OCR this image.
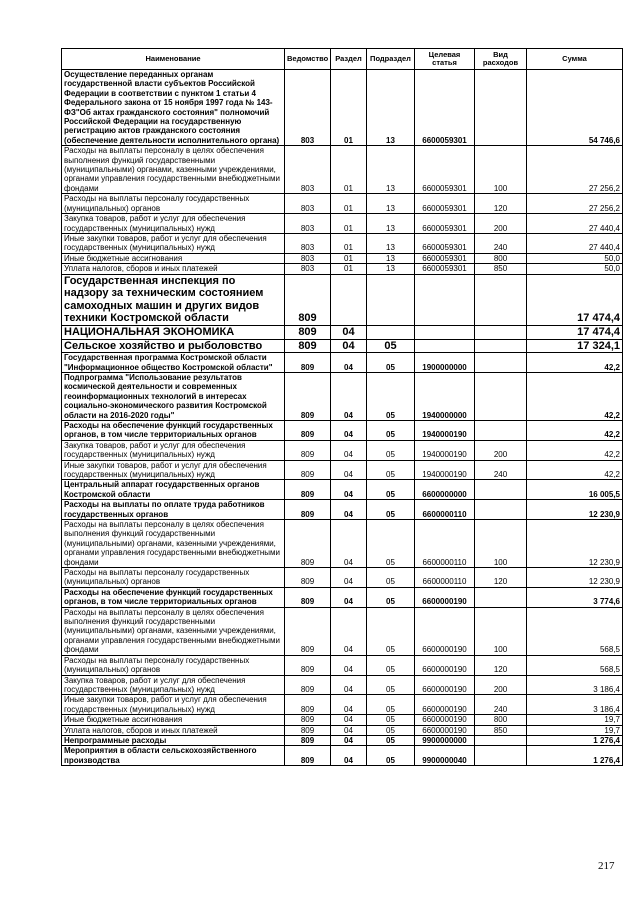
Наименование	Ведомство	Раздел	Подраздел	Целевая статья	Вид расходов	Сумма
Осуществление переданных органам государственной власти субъектов Российской Федерации в соответствии с пунктом 1 статьи 4 Федерального закона от 15 ноября 1997 года № 143-ФЗ"Об актах гражданского состояния" полномочий Российской Федерации на государственную регистрацию актов гражданского состояния (обеспечение деятельности исполнительного органа)	803	01	13	6600059301		54 746,6
Расходы на выплаты персоналу в целях обеспечения выполнения функций государственными (муниципальными) органами, казенными учреждениями, органами управления государственными внебюджетными фондами	803	01	13	6600059301	100	27 256,2
Расходы на выплаты персоналу государственных (муниципальных) органов	803	01	13	6600059301	120	27 256,2
Закупка товаров, работ и услуг для обеспечения государственных (муниципальных) нужд	803	01	13	6600059301	200	27 440,4
Иные закупки товаров, работ и услуг для обеспечения государственных (муниципальных) нужд	803	01	13	6600059301	240	27 440,4
Иные бюджетные ассигнования	803	01	13	6600059301	800	50,0
Уплата налогов, сборов и иных платежей	803	01	13	6600059301	850	50,0
Государственная инспекция по надзору за техническим состоянием самоходных машин и других видов техники Костромской области	809					17 474,4
НАЦИОНАЛЬНАЯ ЭКОНОМИКА	809	04				17 474,4
Сельское хозяйство и рыболовство	809	04	05			17 324,1
Государственная программа Костромской области "Информационное общество Костромской области"	809	04	05	1900000000		42,2
Подпрограмма "Использование результатов космической деятельности и современных геоинформационных технологий в интересах социально-экономического развития Костромской области на 2016-2020 годы"	809	04	05	1940000000		42,2
Расходы на обеспечение функций государственных органов, в том числе территориальных органов	809	04	05	1940000190		42,2
Закупка товаров, работ и услуг для обеспечения государственных (муниципальных) нужд	809	04	05	1940000190	200	42,2
Иные закупки товаров, работ и услуг для обеспечения государственных (муниципальных) нужд	809	04	05	1940000190	240	42,2
Центральный аппарат государственных органов Костромской области	809	04	05	6600000000		16 005,5
Расходы на выплаты по оплате труда работников государственных органов	809	04	05	6600000110		12 230,9
Расходы на выплаты персоналу в целях обеспечения выполнения функций государственными (муниципальными) органами, казенными учреждениями, органами управления государственными внебюджетными фондами	809	04	05	6600000110	100	12 230,9
Расходы на выплаты персоналу государственных (муниципальных) органов	809	04	05	6600000110	120	12 230,9
Расходы на обеспечение функций государственных органов, в том числе территориальных органов	809	04	05	6600000190		3 774,6
Расходы на выплаты персоналу в целях обеспечения выполнения функций государственными (муниципальными) органами, казенными учреждениями, органами управления государственными внебюджетными фондами	809	04	05	6600000190	100	568,5
Расходы на выплаты персоналу государственных (муниципальных) органов	809	04	05	6600000190	120	568,5
Закупка товаров, работ и услуг для обеспечения государственных (муниципальных) нужд	809	04	05	6600000190	200	3 186,4
Иные закупки товаров, работ и услуг для обеспечения государственных (муниципальных) нужд	809	04	05	6600000190	240	3 186,4
Иные бюджетные ассигнования	809	04	05	6600000190	800	19,7
Уплата налогов, сборов и иных платежей	809	04	05	6600000190	850	19,7
Непрограммные расходы	809	04	05	9900000000		1 276,4
Мероприятия в области сельскохозяйственного производства	809	04	05	9900000040		1 276,4
217
